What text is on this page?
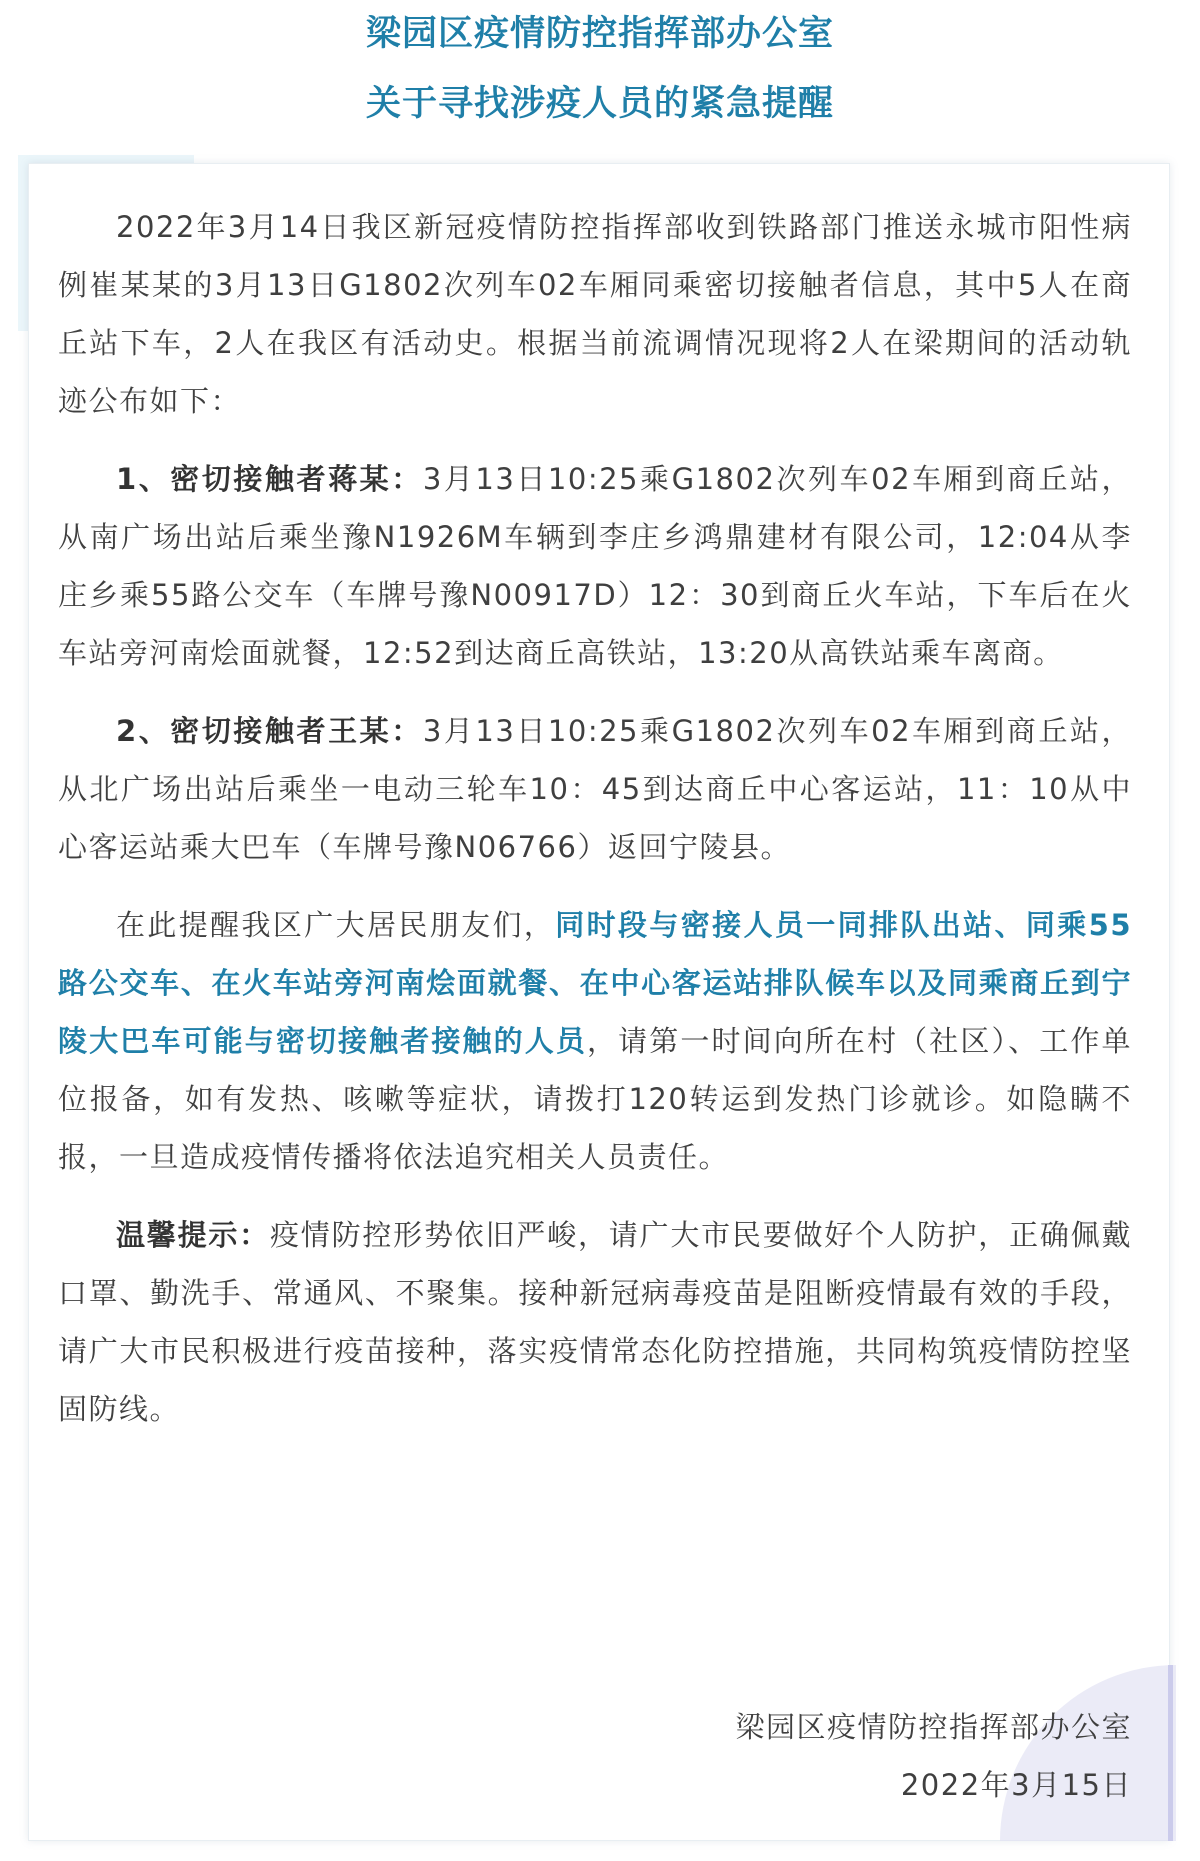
梁园区疫情防控指挥部办公室
关于寻找涉疫人员的紧急提醒

2022年3月14日我区新冠疫情防控指挥部收到铁路部门推送永城市阳性病例崔某某的3月13日G1802次列车02车厢同乘密切接触者信息，其中5人在商丘站下车，2人在我区有活动史。根据当前流调情况现将2人在梁期间的活动轨迹公布如下：

1、密切接触者蒋某：3月13日10:25乘G1802次列车02车厢到商丘站，从南广场出站后乘坐豫N1926M车辆到李庄乡鸿鼎建材有限公司，12:04从李庄乡乘55路公交车（车牌号豫N00917D）12：30到商丘火车站，下车后在火车站旁河南烩面就餐，12:52到达商丘高铁站，13:20从高铁站乘车离商。

2、密切接触者王某：3月13日10:25乘G1802次列车02车厢到商丘站，从北广场出站后乘坐一电动三轮车10：45到达商丘中心客运站，11：10从中心客运站乘大巴车（车牌号豫N06766）返回宁陵县。

在此提醒我区广大居民朋友们，同时段与密接人员一同排队出站、同乘55路公交车、在火车站旁河南烩面就餐、在中心客运站排队候车以及同乘商丘到宁陵大巴车可能与密切接触者接触的人员，请第一时间向所在村（社区）、工作单位报备，如有发热、咳嗽等症状，请拨打120转运到发热门诊就诊。如隐瞒不报，一旦造成疫情传播将依法追究相关人员责任。

温馨提示：疫情防控形势依旧严峻，请广大市民要做好个人防护，正确佩戴口罩、勤洗手、常通风、不聚集。接种新冠病毒疫苗是阻断疫情最有效的手段，请广大市民积极进行疫苗接种，落实疫情常态化防控措施，共同构筑疫情防控坚固防线。

梁园区疫情防控指挥部办公室
2022年3月15日
